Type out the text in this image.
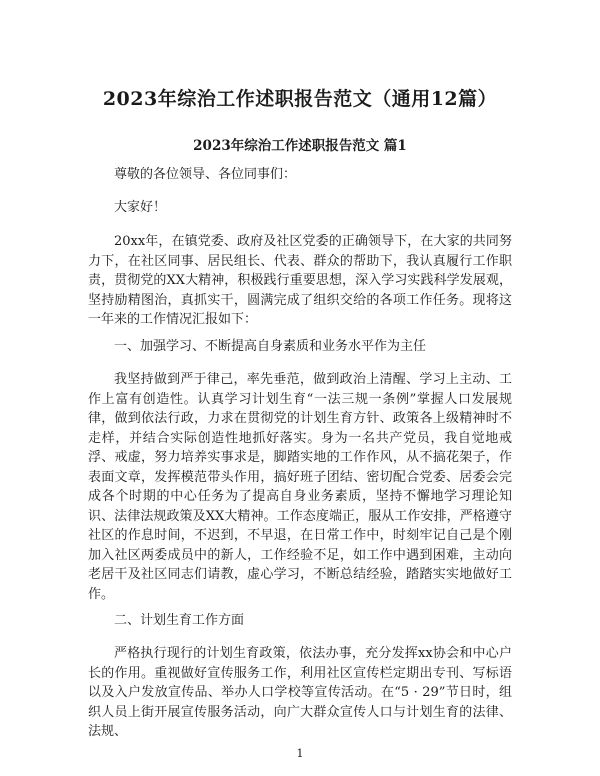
2023年综治工作述职报告范文（通用12篇）
2023年综治工作述职报告范文 篇1
尊敬的各位领导、各位同事们：
大家好！
20xx年，在镇党委、政府及社区党委的正确领导下，在大家的共同努力下，在社区同事、居民组长、代表、群众的帮助下，我认真履行工作职责，贯彻党的XX大精神，积极践行重要思想，深入学习实践科学发展观，坚持励精图治，真抓实干，圆满完成了组织交给的各项工作任务。现将这一年来的工作情况汇报如下：
一、加强学习、不断提高自身素质和业务水平作为主任
我坚持做到严于律己，率先垂范，做到政治上清醒、学习上主动、工作上富有创造性。认真学习计划生育“一法三规一条例”掌握人口发展规律，做到依法行政，力求在贯彻党的计划生育方针、政策各上级精神时不走样，并结合实际创造性地抓好落实。身为一名共产党员，我自觉地戒浮、戒虚，努力培养实事求是，脚踏实地的工作作风，从不搞花架子，作表面文章，发挥模范带头作用，搞好班子团结、密切配合党委、居委会完成各个时期的中心任务为了提高自身业务素质，坚持不懈地学习理论知识、法律法规政策及XX大精神。工作态度端正，服从工作安排，严格遵守社区的作息时间，不迟到，不早退，在日常工作中，时刻牢记自己是个刚加入社区两委成员中的新人，工作经验不足，如工作中遇到困难，主动向老居干及社区同志们请教，虚心学习，不断总结经验，踏踏实实地做好工作。
二、计划生育工作方面
严格执行现行的计划生育政策，依法办事，充分发挥xx协会和中心户长的作用。重视做好宣传服务工作，利用社区宣传栏定期出专刊、写标语以及入户发放宣传品、举办人口学校等宣传活动。在“5 · 29”节日时，组织人员上街开展宣传服务活动，向广大群众宣传人口与计划生育的法律、法规、
1
